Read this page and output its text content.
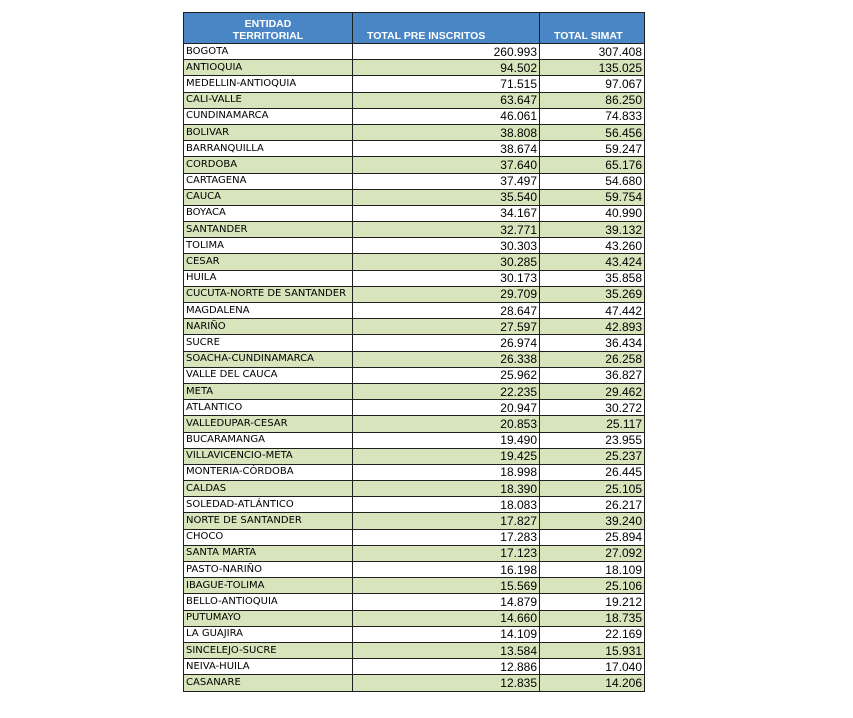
ENTIDAD
TERRITORIAL	TOTAL PRE INSCRITOS	TOTAL SIMAT
BOGOTA	260.993	307.408
ANTIOQUIA	94.502	135.025
MEDELLIN-ANTIOQUIA	71.515	97.067
CALI-VALLE	63.647	86.250
CUNDINAMARCA	46.061	74.833
BOLIVAR	38.808	56.456
BARRANQUILLA	38.674	59.247
CORDOBA	37.640	65.176
CARTAGENA	37.497	54.680
CAUCA	35.540	59.754
BOYACA	34.167	40.990
SANTANDER	32.771	39.132
TOLIMA	30.303	43.260
CESAR	30.285	43.424
HUILA	30.173	35.858
CUCUTA-NORTE DE SANTANDER	29.709	35.269
MAGDALENA	28.647	47.442
NARIÑO	27.597	42.893
SUCRE	26.974	36.434
SOACHA-CUNDINAMARCA	26.338	26.258
VALLE DEL CAUCA	25.962	36.827
META	22.235	29.462
ATLANTICO	20.947	30.272
VALLEDUPAR-CESAR	20.853	25.117
BUCARAMANGA	19.490	23.955
VILLAVICENCIO-META	19.425	25.237
MONTERIA-CÓRDOBA	18.998	26.445
CALDAS	18.390	25.105
SOLEDAD-ATLÁNTICO	18.083	26.217
NORTE DE SANTANDER	17.827	39.240
CHOCO	17.283	25.894
SANTA MARTA	17.123	27.092
PASTO-NARIÑO	16.198	18.109
IBAGUE-TOLIMA	15.569	25.106
BELLO-ANTIOQUIA	14.879	19.212
PUTUMAYO	14.660	18.735
LA GUAJIRA	14.109	22.169
SINCELEJO-SUCRE	13.584	15.931
NEIVA-HUILA	12.886	17.040
CASANARE	12.835	14.206
